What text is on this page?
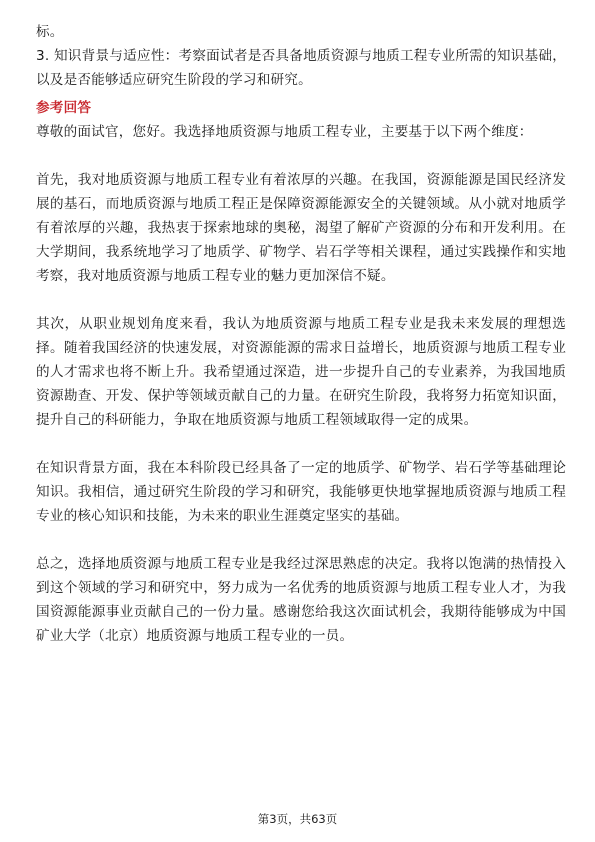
标。

3. 知识背景与适应性：考察面试者是否具备地质资源与地质工程专业所需的知识基础，以及是否能够适应研究生阶段的学习和研究。

参考回答

尊敬的面试官，您好。我选择地质资源与地质工程专业，主要基于以下两个维度：

首先，我对地质资源与地质工程专业有着浓厚的兴趣。在我国，资源能源是国民经济发展的基石，而地质资源与地质工程正是保障资源能源安全的关键领域。从小就对地质学有着浓厚的兴趣，我热衷于探索地球的奥秘，渴望了解矿产资源的分布和开发利用。在大学期间，我系统地学习了地质学、矿物学、岩石学等相关课程，通过实践操作和实地考察，我对地质资源与地质工程专业的魅力更加深信不疑。

其次，从职业规划角度来看，我认为地质资源与地质工程专业是我未来发展的理想选择。随着我国经济的快速发展，对资源能源的需求日益增长，地质资源与地质工程专业的人才需求也将不断上升。我希望通过深造，进一步提升自己的专业素养，为我国地质资源勘查、开发、保护等领域贡献自己的力量。在研究生阶段，我将努力拓宽知识面，提升自己的科研能力，争取在地质资源与地质工程领域取得一定的成果。

在知识背景方面，我在本科阶段已经具备了一定的地质学、矿物学、岩石学等基础理论知识。我相信，通过研究生阶段的学习和研究，我能够更快地掌握地质资源与地质工程专业的核心知识和技能，为未来的职业生涯奠定坚实的基础。

总之，选择地质资源与地质工程专业是我经过深思熟虑的决定。我将以饱满的热情投入到这个领域的学习和研究中，努力成为一名优秀的地质资源与地质工程专业人才，为我国资源能源事业贡献自己的一份力量。感谢您给我这次面试机会，我期待能够成为中国矿业大学（北京）地质资源与地质工程专业的一员。

第3页，共63页
